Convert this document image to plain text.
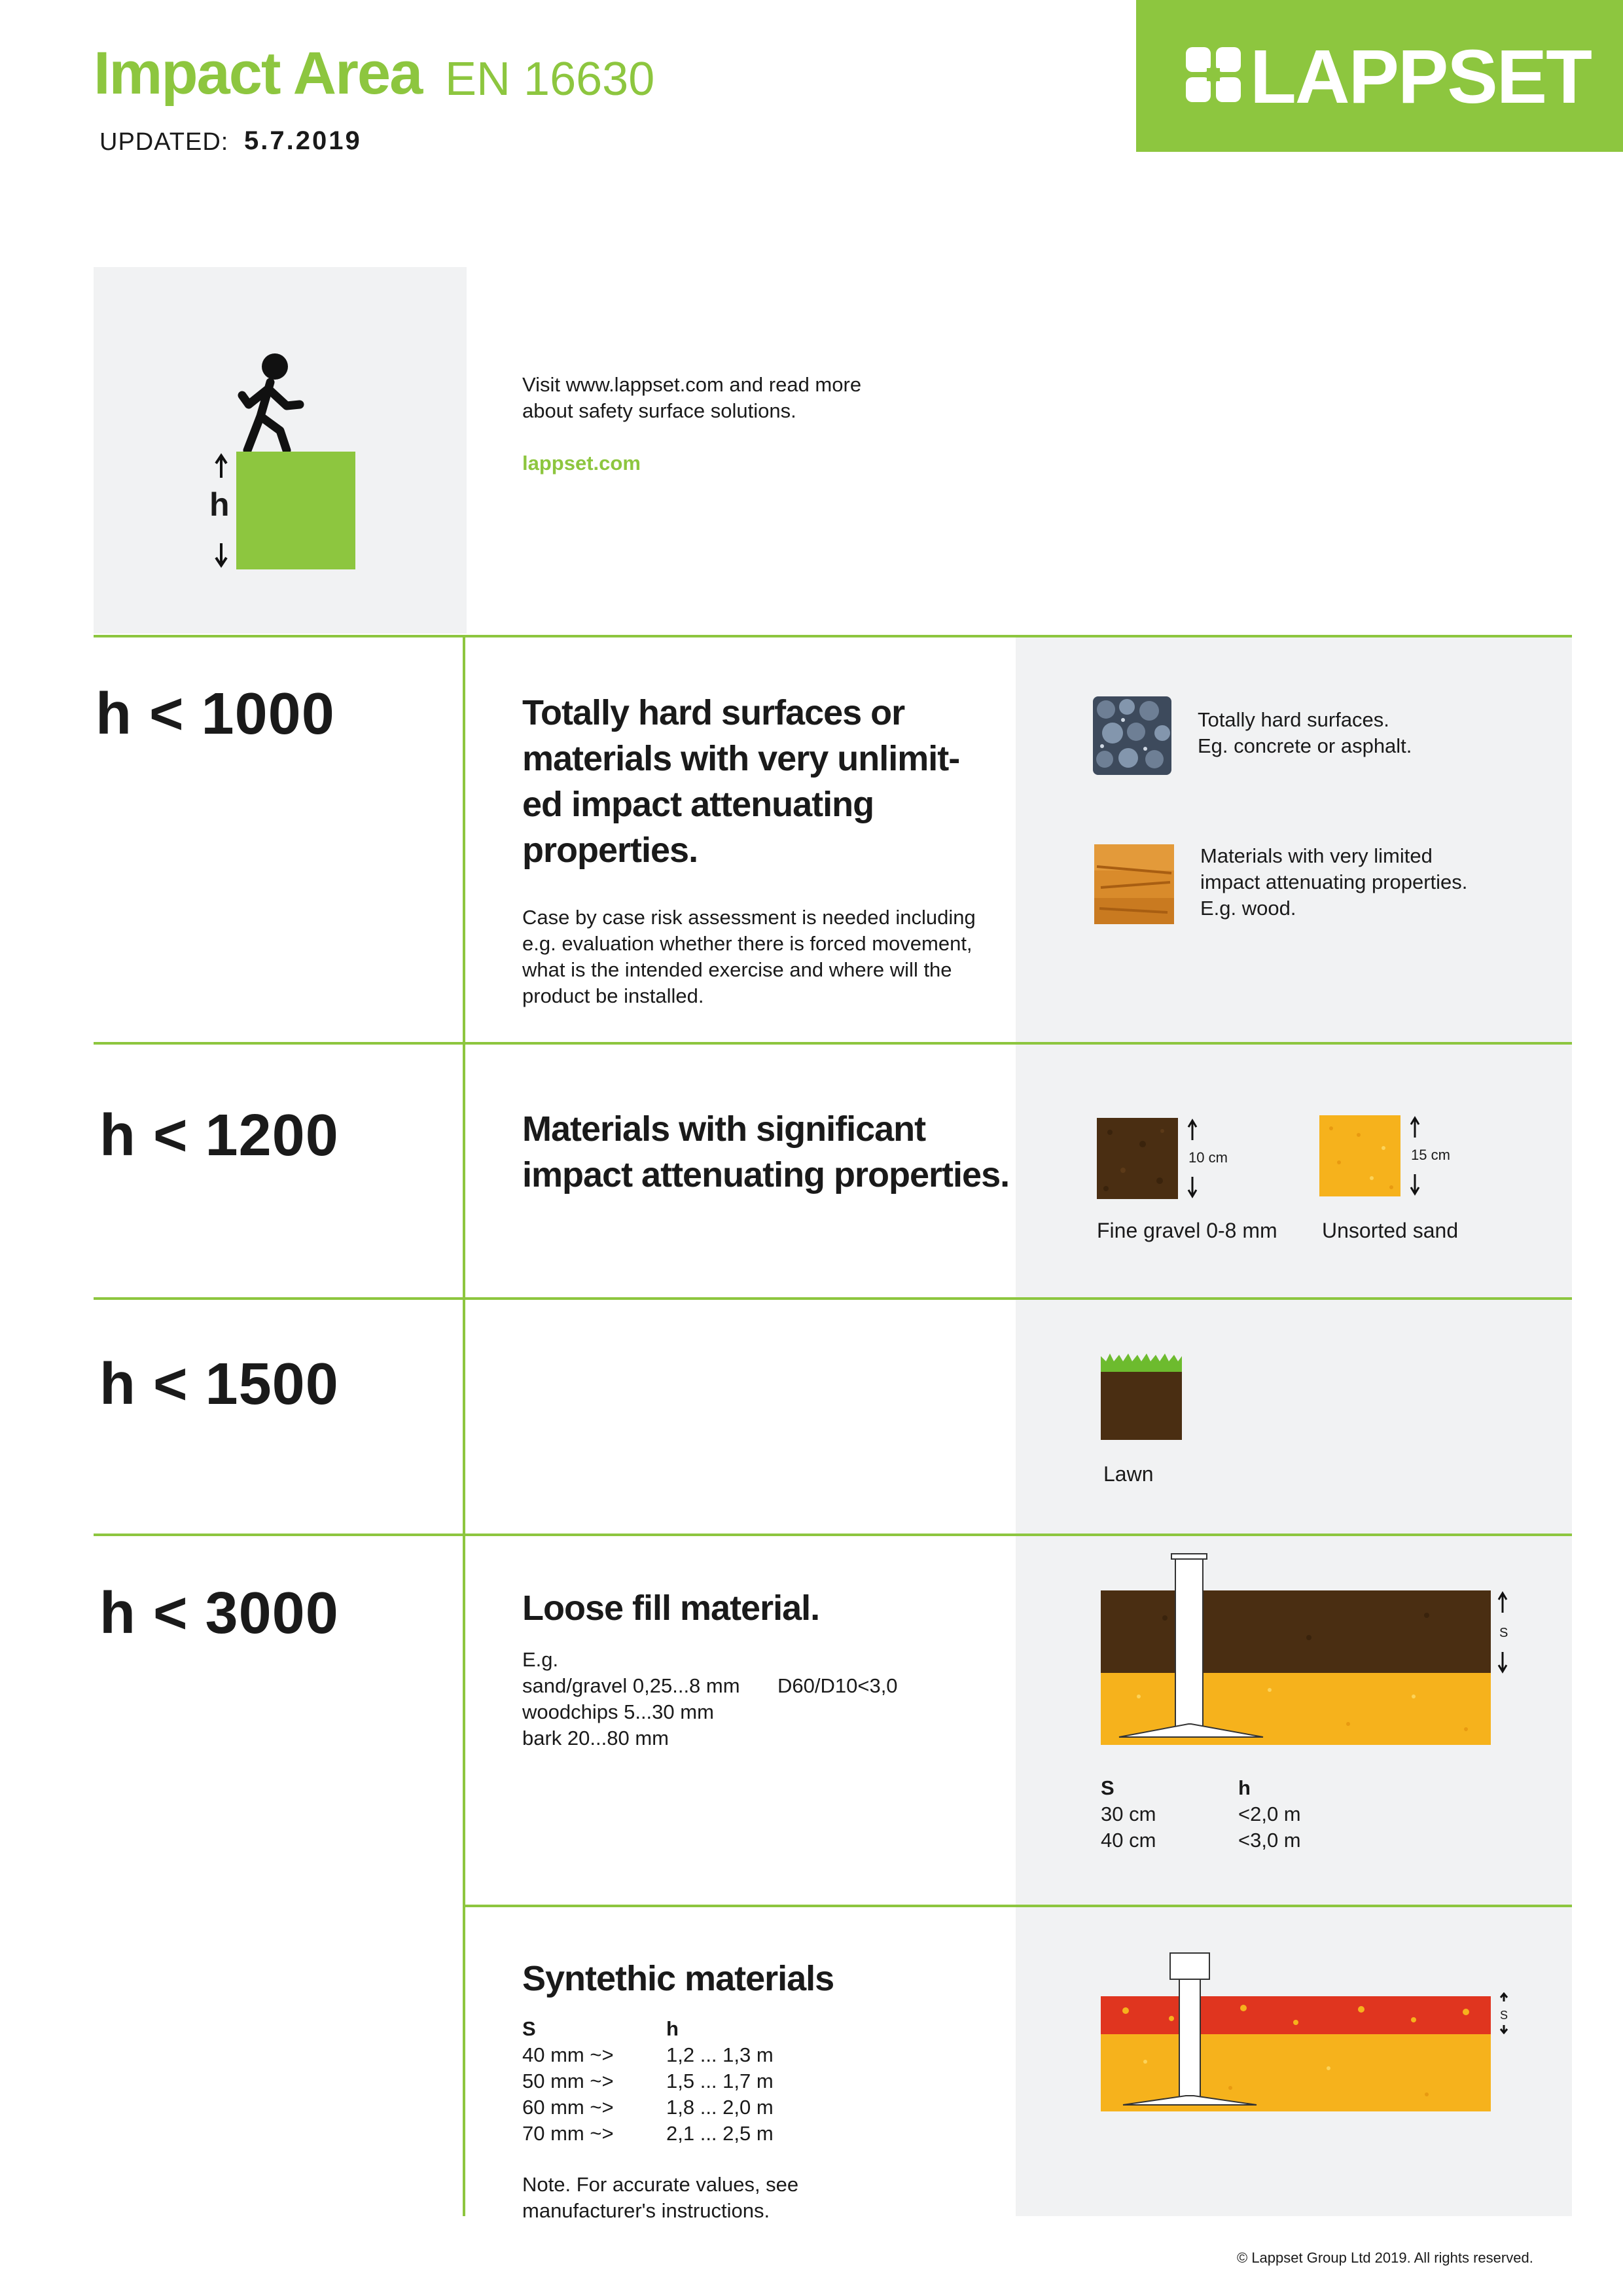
Impact Area EN 16630
UPDATED: 5.7.2019
LAPPSET
h
Visit www.lappset.com and read more
about safety surface solutions.
lappset.com
h < 1000	Totally hard surfaces or
materials with very unlimit-
ed impact attenuating
properties.
Case by case risk assessment is needed including
e.g. evaluation whether there is forced movement,
what is the intended exercise and where will the
product be installed.
Totally hard surfaces.
Eg. concrete or asphalt.
Materials with very limited
impact attenuating properties.
E.g. wood.
h < 1200	Materials with significant
impact attenuating properties.	10 cm	15 cm
Fine gravel 0-8 mm Unsorted sand
h < 1500
Lawn
h < 3000	Loose fill material.
E.g.
sand/gravel 0,25...8 mm D60/D10<3,0
woodchips 5...30 mm
bark 20...80 mm
S
S	h
30 cm	<2,0 m
40 cm	<3,0 m
Syntethic materials
S	h
40 mm ~>	1,2 ... 1,3 m
50 mm ~>	1,5 ... 1,7 m
60 mm ~>	1,8 ... 2,0 m
70 mm ~>	2,1 ... 2,5 m
Note. For accurate values, see
manufacturer's instructions.
S
© Lappset Group Ltd 2019. All rights reserved.
